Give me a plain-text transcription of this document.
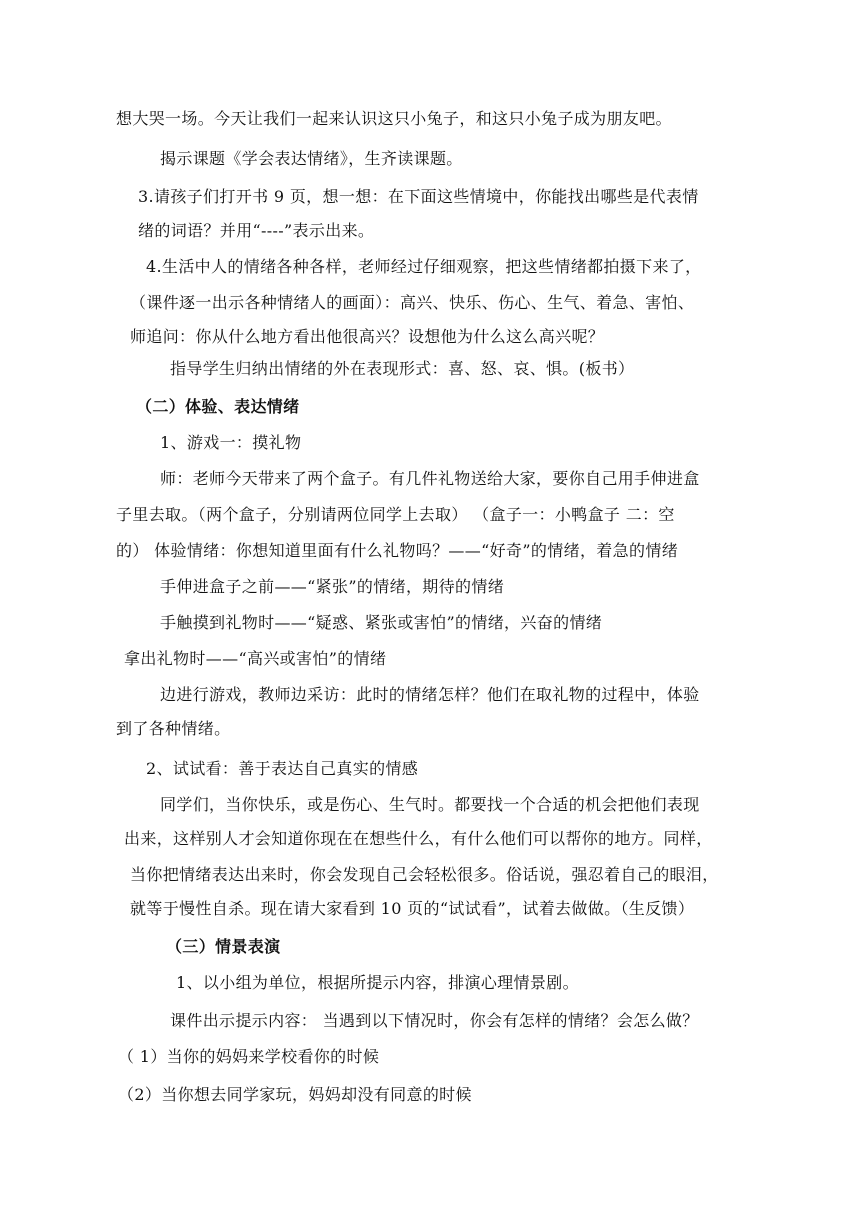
想大哭一场。今天让我们一起来认识这只小兔子，和这只小兔子成为朋友吧。
揭示课题《学会表达情绪》，生齐读课题。
3.请孩子们打开书 9 页，想一想：在下面这些情境中，你能找出哪些是代表情
绪的词语？并用“----”表示出来。
4.生活中人的情绪各种各样，老师经过仔细观察，把这些情绪都拍摄下来了，
（课件逐一出示各种情绪人的画面）：高兴、快乐、伤心、生气、着急、害怕、
师追问：你从什么地方看出他很高兴？设想他为什么这么高兴呢？
指导学生归纳出情绪的外在表现形式：喜、怒、哀、惧。(板书）
（二）体验、表达情绪
1、游戏一：摸礼物
师：老师今天带来了两个盒子。有几件礼物送给大家，要你自己用手伸进盒
子里去取。（两个盒子，分别请两位同学上去取） （盒子一：小鸭盒子 二：空
的） 体验情绪：你想知道里面有什么礼物吗？——“好奇”的情绪，着急的情绪
手伸进盒子之前——“紧张”的情绪，期待的情绪
手触摸到礼物时——“疑惑、紧张或害怕”的情绪，兴奋的情绪
拿出礼物时——“高兴或害怕”的情绪
边进行游戏，教师边采访：此时的情绪怎样？他们在取礼物的过程中，体验
到了各种情绪。
2、试试看：善于表达自己真实的情感
同学们，当你快乐，或是伤心、生气时。都要找一个合适的机会把他们表现
出来，这样别人才会知道你现在在想些什么，有什么他们可以帮你的地方。同样，
当你把情绪表达出来时，你会发现自己会轻松很多。俗话说，强忍着自己的眼泪，
就等于慢性自杀。现在请大家看到 10 页的“试试看”，试着去做做。（生反馈）
（三）情景表演
1、以小组为单位，根据所提示内容，排演心理情景剧。
课件出示提示内容： 当遇到以下情况时，你会有怎样的情绪？会怎么做？
（ 1）当你的妈妈来学校看你的时候
（2）当你想去同学家玩，妈妈却没有同意的时候
